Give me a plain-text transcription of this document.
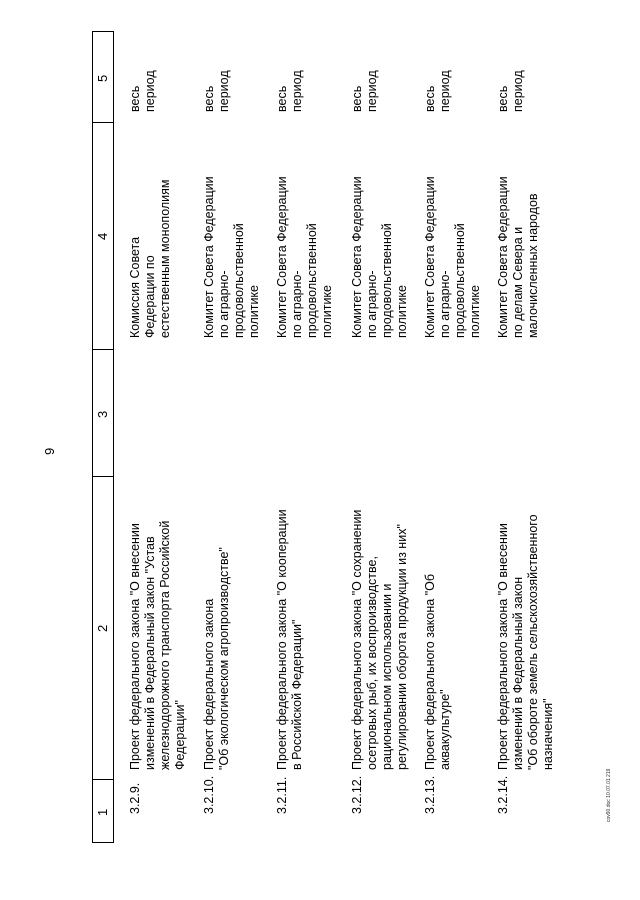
9
1
2
3
4
5
3.2.9.
Проект федерального закона "О внесении
изменений в Федеральный закон "Устав
железнодорожного транспорта Российской
Федерации"
Комиссия Совета
Федерации по
естественным монополиям
весь
период
3.2.10.
Проект федерального закона
"Об экологическом агропроизводстве"
Комитет Совета Федерации
по аграрно-
продовольственной
политике
весь
период
3.2.11.
Проект федерального закона "О кооперации
в Российской Федерации"
Комитет Совета Федерации
по аграрно-
продовольственной
политике
весь
период
3.2.12.
Проект федерального закона "О сохранении
осетровых рыб, их воспроизводстве,
рациональном использовании и
регулировании оборота продукции из них"
Комитет Совета Федерации
по аграрно-
продовольственной
политике
весь
период
3.2.13.
Проект федерального закона "Об
аквакультуре"
Комитет Совета Федерации
по аграрно-
продовольственной
политике
весь
период
3.2.14.
Проект федерального закона "О внесении
изменений в Федеральный закон
"Об обороте земель сельскохозяйственного
назначения"
Комитет Совета Федерации
по делам Севера и
малочисленных народов
весь
период
cov90.doc 10.07.01 219
